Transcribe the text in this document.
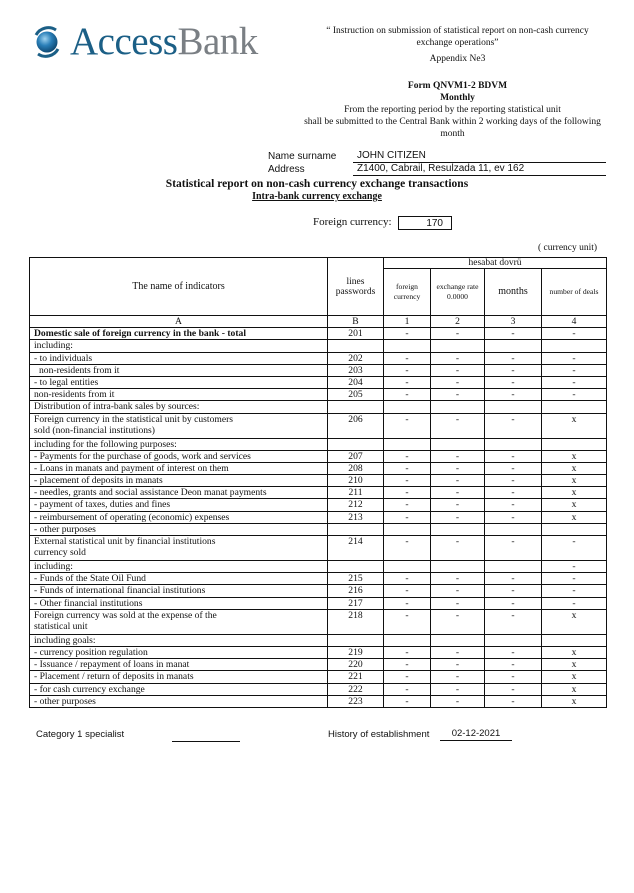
AccessBank	“ Instruction on submission of statistical report on non-cash currency
exchange operations”
Appendix Nе3
Form QNVM1-2 BDVM
Monthly
From the reporting period by the reporting statistical unit
shall be submitted to the Central Bank within 2 working days of the following
month
Name surname	JOHN CITIZEN
Address	Z1400, Cabrail, Resulzada 11, ev 162
Statistical report on non-cash currency exchange transactions
Intra-bank currency exchange
Foreign currency:	170
( currency unit)
The name of indicators	lines passwords	hesabat dovrü			
		foreign currency	exchange rate 0.0000	months	number of deals
A	B	1	2	3	4

Domestic sale of foreign currency in the bank - total	201	-	-	-	-

including:					

- to individuals	202	-	-	-	-

non-residents from it	203	-	-	-	-

- to legal entities	204	-	-	-	-

non-residents from it	205	-	-	-	-

Distribution of intra-bank sales by sources:					

Foreign currency in the statistical unit by customers
sold (non-financial institutions)	206	-	-	-	x

including for the following purposes:					

- Payments for the purchase of goods, work and services	207	-	-	-	x

- Loans in manats and payment of interest on them	208	-	-	-	x

- placement of deposits in manats	210	-	-	-	x

- needles, grants and social assistance Deon manat payments	211	-	-	-	x

- payment of taxes, duties and fines	212	-	-	-	x

- reimbursement of operating (economic) expenses	213	-	-	-	x

- other purposes					

External statistical unit by financial institutions
currency sold	214	-	-	-	-

including:					-

- Funds of the State Oil Fund	215	-	-	-	-

- Funds of international financial institutions	216	-	-	-	-

- Other financial institutions	217	-	-	-	-

Foreign currency was sold at the expense of the
statistical unit	218	-	-	-	x

including goals:					

- currency position regulation	219	-	-	-	x

- Issuance / repayment of loans in manat	220	-	-	-	x

- Placement / return of deposits in manats	221	-	-	-	x

- for cash currency exchange	222	-	-	-	x

- other purposes	223	-	-	-	x
Category 1 specialist	History of establishment	02-12-2021
